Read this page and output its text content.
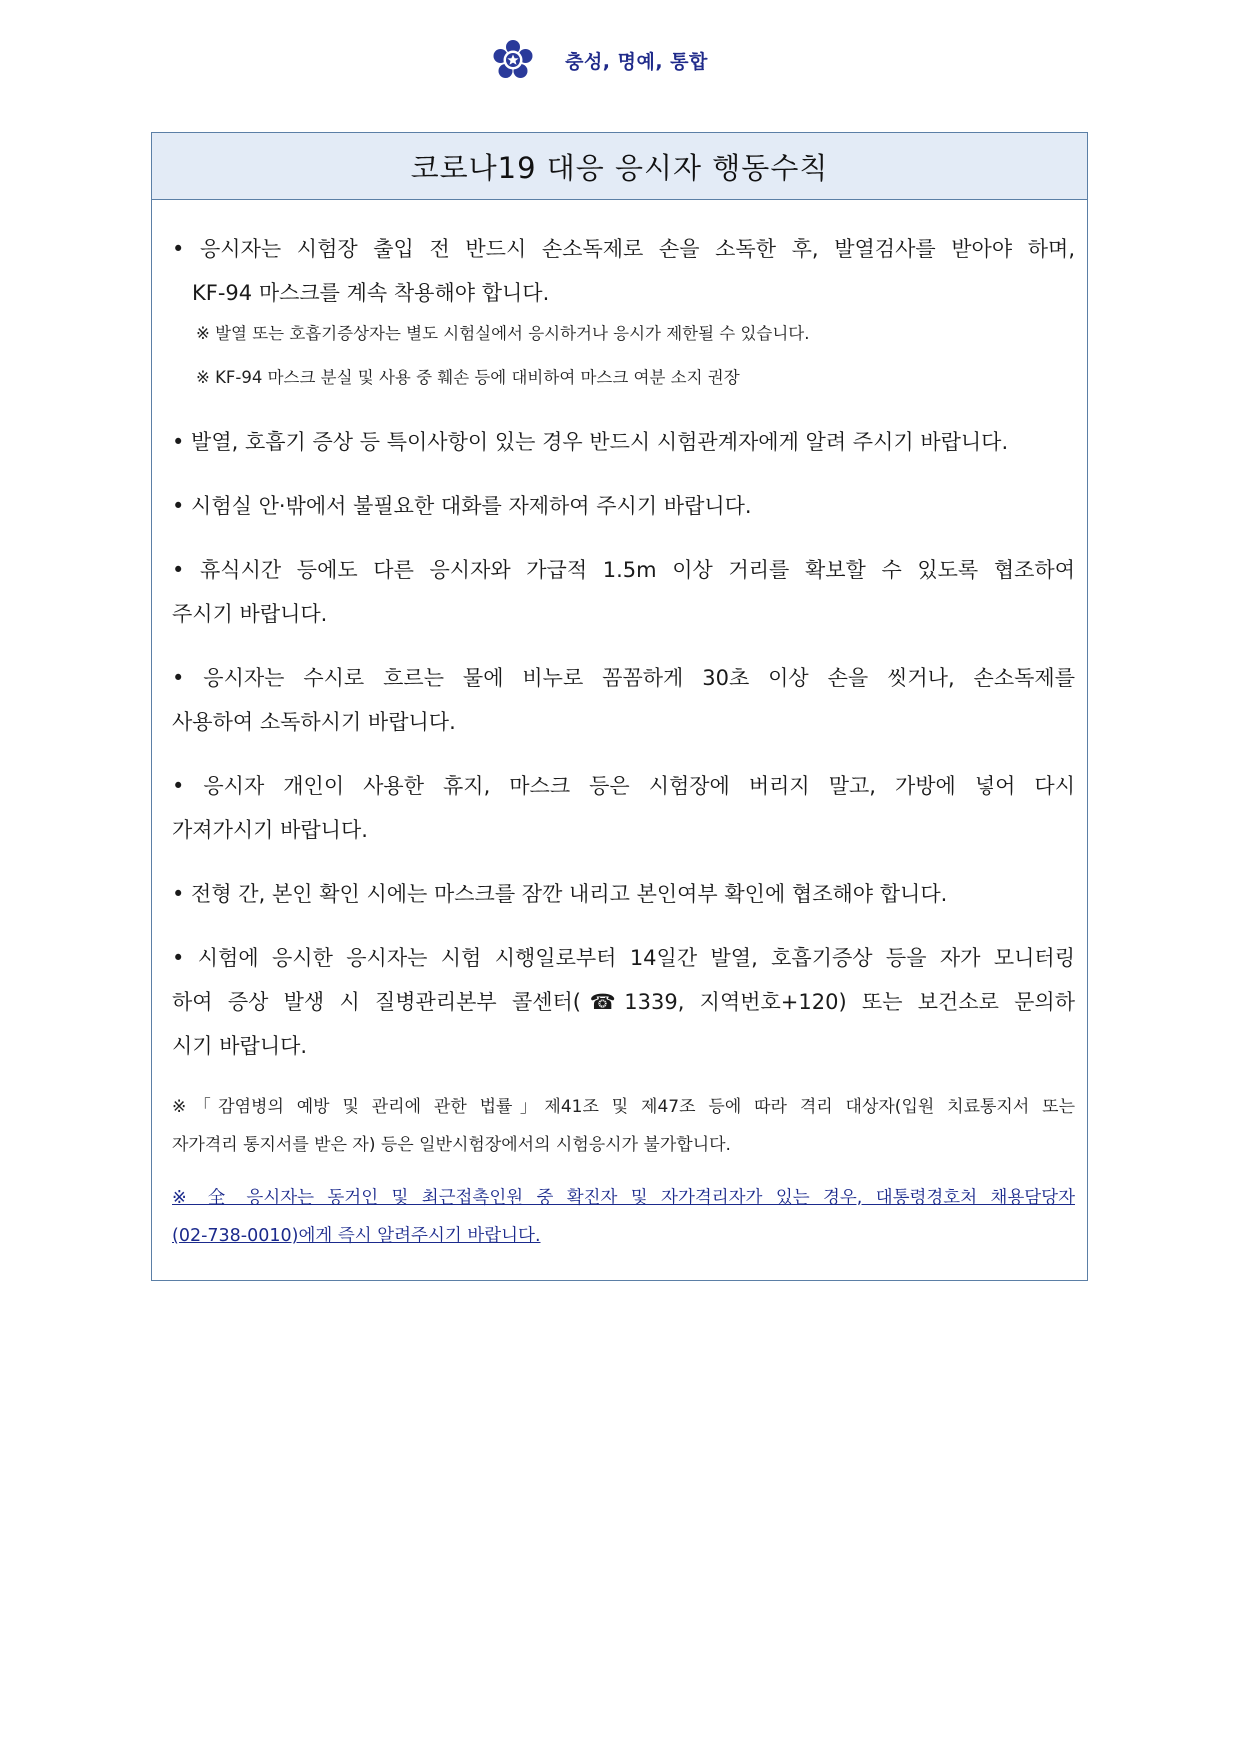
충성, 명예, 통합
코로나19 대응 응시자 행동수칙
• 응시자는 시험장 출입 전 반드시 손소독제로 손을 소독한 후, 발열검사를 받아야 하며,
KF-94 마스크를 계속 착용해야 합니다.
※ 발열 또는 호흡기증상자는 별도 시험실에서 응시하거나 응시가 제한될 수 있습니다.
※ KF-94 마스크 분실 및 사용 중 훼손 등에 대비하여 마스크 여분 소지 권장
• 발열, 호흡기 증상 등 특이사항이 있는 경우 반드시 시험관계자에게 알려 주시기 바랍니다.
• 시험실 안·밖에서 불필요한 대화를 자제하여 주시기 바랍니다.
• 휴식시간 등에도 다른 응시자와 가급적 1.5m 이상 거리를 확보할 수 있도록 협조하여
주시기 바랍니다.
• 응시자는 수시로 흐르는 물에 비누로 꼼꼼하게 30초 이상 손을 씻거나, 손소독제를
사용하여 소독하시기 바랍니다.
• 응시자 개인이 사용한 휴지, 마스크 등은 시험장에 버리지 말고, 가방에 넣어 다시
가져가시기 바랍니다.
• 전형 간, 본인 확인 시에는 마스크를 잠깐 내리고 본인여부 확인에 협조해야 합니다.
• 시험에 응시한 응시자는 시험 시행일로부터 14일간 발열, 호흡기증상 등을 자가 모니터링
하여 증상 발생 시 질병관리본부 콜센터(☎1339, 지역번호+120) 또는 보건소로 문의하
시기 바랍니다.
※「감염병의 예방 및 관리에 관한 법률」제41조 및 제47조 등에 따라 격리 대상자(입원 치료통지서 또는
자가격리 통지서를 받은 자) 등은 일반시험장에서의 시험응시가 불가합니다.
※ 全 응시자는 동거인 및 최근접촉인원 중 확진자 및 자가격리자가 있는 경우, 대통령경호처 채용담당자
(02-738-0010)에게 즉시 알려주시기 바랍니다.
